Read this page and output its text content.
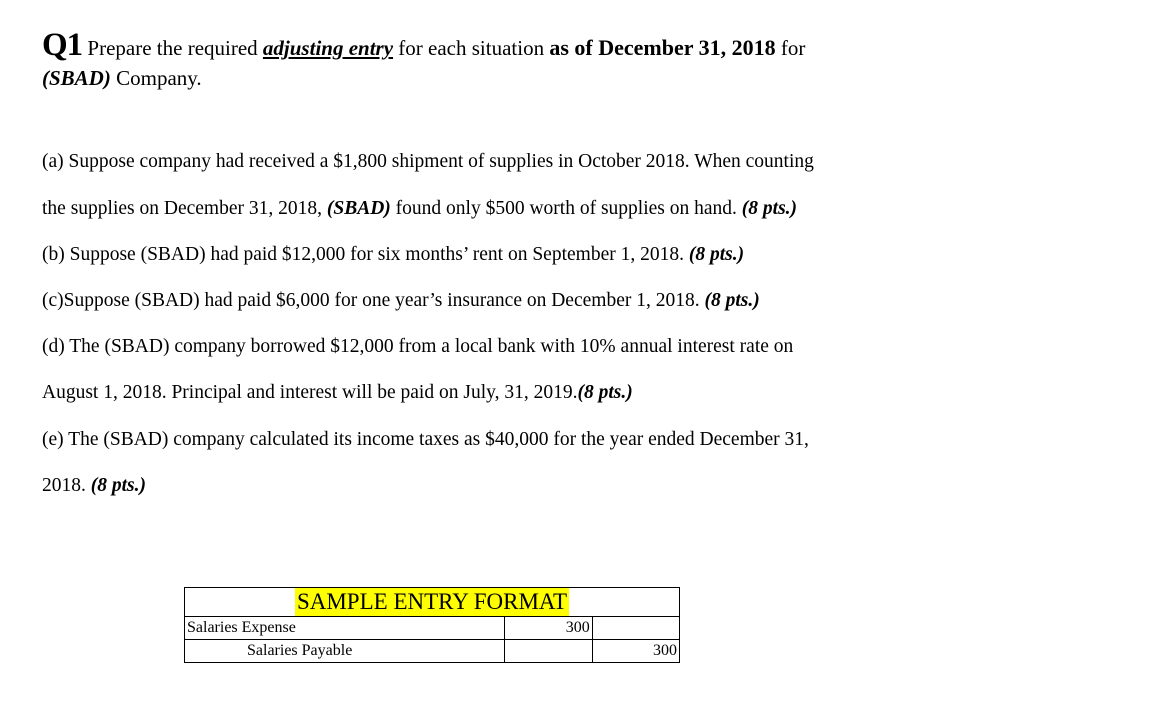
Q1 Prepare the required adjusting entry for each situation as of December 31, 2018 for
(SBAD) Company.
(a) Suppose company had received a $1,800 shipment of supplies in October 2018. When counting
the supplies on December 31, 2018, (SBAD) found only $500 worth of supplies on hand. (8 pts.)
(b) Suppose (SBAD) had paid $12,000 for six months’ rent on September 1, 2018. (8 pts.)
(c)Suppose (SBAD) had paid $6,000 for one year’s insurance on December 1, 2018. (8 pts.)
(d) The (SBAD) company borrowed $12,000 from a local bank with 10% annual interest rate on
August 1, 2018. Principal and interest will be paid on July, 31, 2019.(8 pts.)
(e) The (SBAD) company calculated its income taxes as $40,000 for the year ended December 31,
2018. (8 pts.)
SAMPLE ENTRY FORMAT		
Salaries Expense	300	
Salaries Payable		300
